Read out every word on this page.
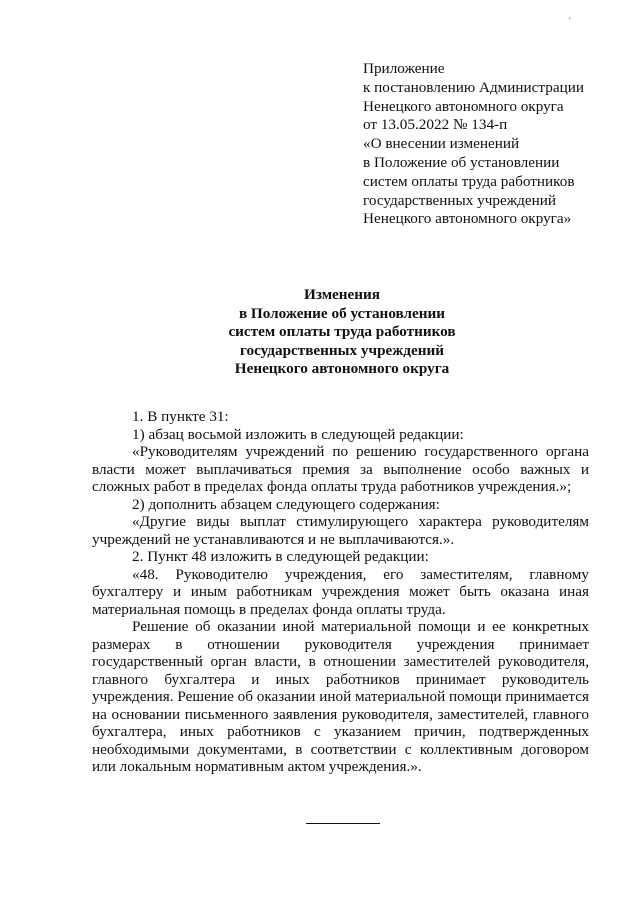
'
Приложение
к постановлению Администрации
Ненецкого автономного округа
от 13.05.2022 № 134-п
«О внесении изменений
в Положение об установлении
систем оплаты труда работников
государственных учреждений
Ненецкого автономного округа»
Изменения
в Положение об установлении
систем оплаты труда работников
государственных учреждений
Ненецкого автономного округа

1. В пункте 31:

1) абзац восьмой изложить в следующей редакции:

«Руководителям учреждений по решению государственного органа власти может выплачиваться премия за выполнение особо важных и сложных работ в пределах фонда оплаты труда работников учреждения.»;

2) дополнить абзацем следующего содержания:

«Другие виды выплат стимулирующего характера руководителям учреждений не устанавливаются и не выплачиваются.».

2. Пункт 48 изложить в следующей редакции:

«48. Руководителю учреждения, его заместителям, главному бухгалтеру и иным работникам учреждения может быть оказана иная материальная помощь в пределах фонда оплаты труда.

Решение об оказании иной материальной помощи и ее конкретных размерах в отношении руководителя учреждения принимает государственный орган власти, в отношении заместителей руководителя, главного бухгалтера и иных работников принимает руководитель учреждения. Решение об оказании иной материальной помощи принимается на основании письменного заявления руководителя, заместителей, главного бухгалтера, иных работников с указанием причин, подтвержденных необходимыми документами, в соответствии с коллективным договором или локальным нормативным актом учреждения.».
